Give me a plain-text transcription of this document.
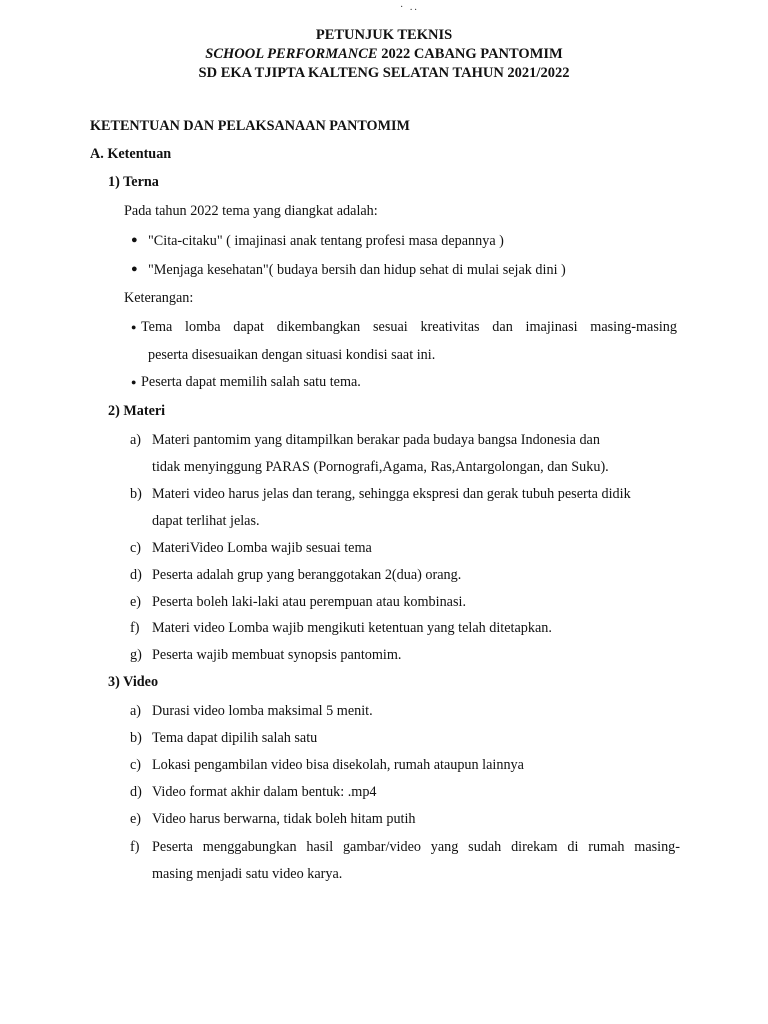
· ..
PETUNJUK TEKNIS
SCHOOL PERFORMANCE 2022 CABANG PANTOMIM
SD EKA TJIPTA KALTENG SELATAN TAHUN 2021/2022
KETENTUAN DAN PELAKSANAAN PANTOMIM
A. Ketentuan
1) Terna
Pada tahun 2022 tema yang diangkat adalah:
● "Cita-citaku" ( imajinasi anak tentang profesi masa depannya )
● "Menjaga kesehatan"( budaya bersih dan hidup sehat di mulai sejak dini )
Keterangan:
● Tema lomba dapat dikembangkan sesuai kreativitas dan imajinasi masing-masing
peserta disesuaikan dengan situasi kondisi saat ini.
● Peserta dapat memilih salah satu tema.
2) Materi
a) Materi pantomim yang ditampilkan berakar pada budaya bangsa Indonesia dan
tidak menyinggung PARAS (Pornografi,Agama, Ras,Antargolongan, dan Suku).
b) Materi video harus jelas dan terang, sehingga ekspresi dan gerak tubuh peserta didik
dapat terlihat jelas.
c) MateriVideo Lomba wajib sesuai tema
d) Peserta adalah grup yang beranggotakan 2(dua) orang.
e) Peserta boleh laki-laki atau perempuan atau kombinasi.
f) Materi video Lomba wajib mengikuti ketentuan yang telah ditetapkan.
g) Peserta wajib membuat synopsis pantomim.
3) Video
a) Durasi video lomba maksimal 5 menit.
b) Tema dapat dipilih salah satu
c) Lokasi pengambilan video bisa disekolah, rumah ataupun lainnya
d) Video format akhir dalam bentuk: .mp4
e) Video harus berwarna, tidak boleh hitam putih
f) Peserta menggabungkan hasil gambar/video yang sudah direkam di rumah masing-
masing menjadi satu video karya.
